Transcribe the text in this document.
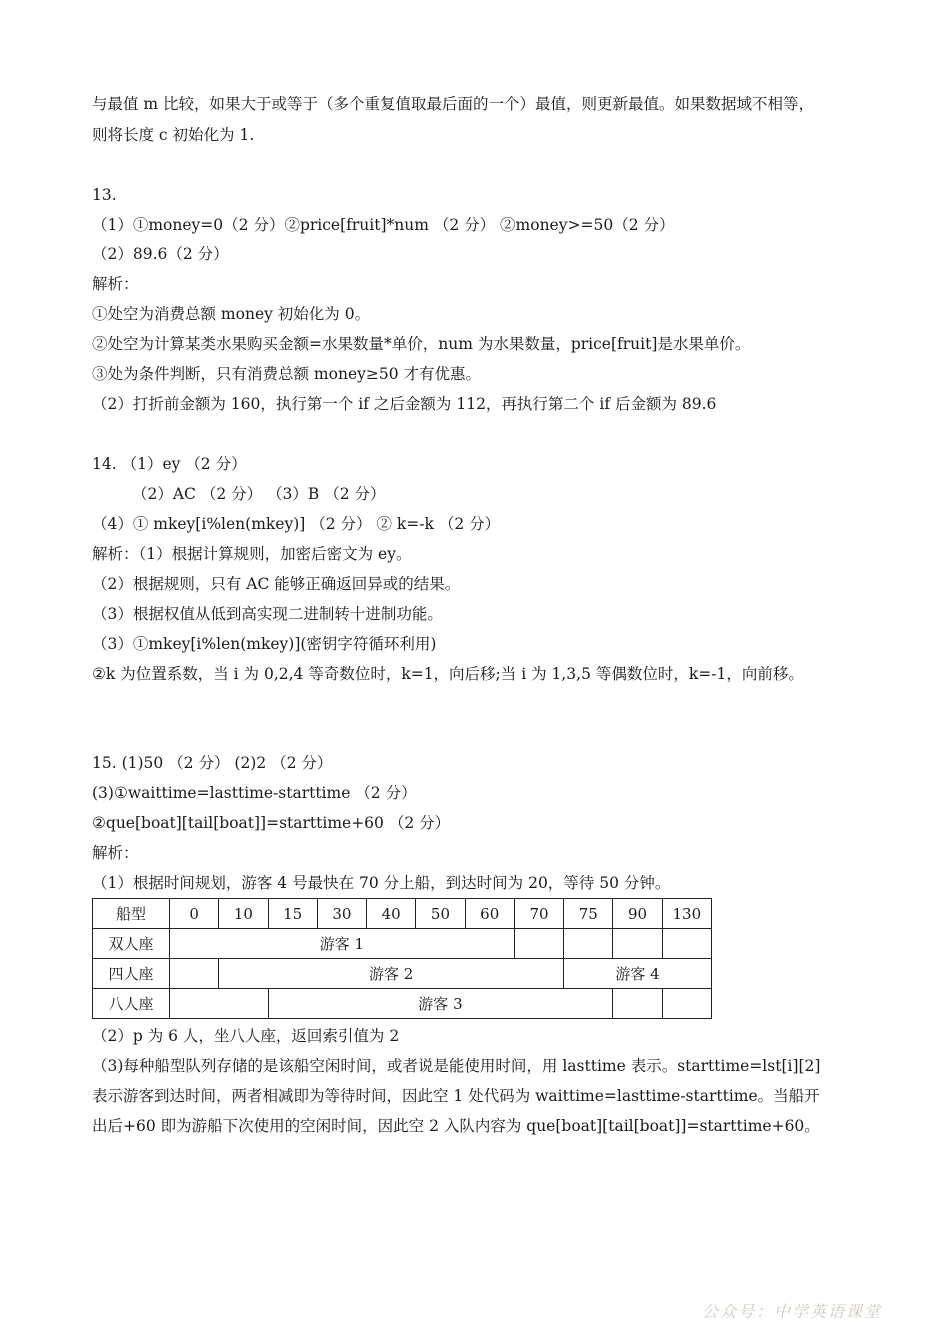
与最值 m 比较，如果大于或等于（多个重复值取最后面的一个）最值，则更新最值。如果数据域不相等，
则将长度 c 初始化为 1.
13.
（1）①money=0（2 分）②price[fruit]*num （2 分） ②money>=50（2 分）
（2）89.6（2 分）
解析：
①处空为消费总额 money 初始化为 0。
②处空为计算某类水果购买金额=水果数量*单价，num 为水果数量，price[fruit]是水果单价。
③处为条件判断，只有消费总额 money≥50 才有优惠。
（2）打折前金额为 160，执行第一个 if 之后金额为 112，再执行第二个 if 后金额为 89.6
14. （1）ey （2 分）
（2）AC （2 分） （3）B （2 分）
（4）① mkey[i%len(mkey)] （2 分） ② k=-k （2 分）
解析：（1）根据计算规则，加密后密文为 ey。
（2）根据规则，只有 AC 能够正确返回异或的结果。
（3）根据权值从低到高实现二进制转十进制功能。
（3）①mkey[i%len(mkey)](密钥字符循环利用)
②k 为位置系数，当 i 为 0,2,4 等奇数位时，k=1，向后移;当 i 为 1,3,5 等偶数位时，k=-1，向前移。
15. (1)50 （2 分） (2)2 （2 分）
(3)①waittime=lasttime-starttime （2 分）
②que[boat][tail[boat]]=starttime+60 （2 分）
解析：
（1）根据时间规划，游客 4 号最快在 70 分上船，到达时间为 20，等待 50 分钟。
船型	0	10	15	30	40	50	60	70	75	90	130
双人座	游客 1										
四人座		游客 2							游客 4		
八人座			游客 3								
（2）p 为 6 人，坐八人座，返回索引值为 2
（3)每种船型队列存储的是该船空闲时间，或者说是能使用时间，用 lasttime 表示。starttime=lst[i][2]
表示游客到达时间，两者相减即为等待时间，因此空 1 处代码为 waittime=lasttime-starttime。当船开
出后+60 即为游船下次使用的空闲时间，因此空 2 入队内容为 que[boat][tail[boat]]=starttime+60。
公众号：中学英语课堂
